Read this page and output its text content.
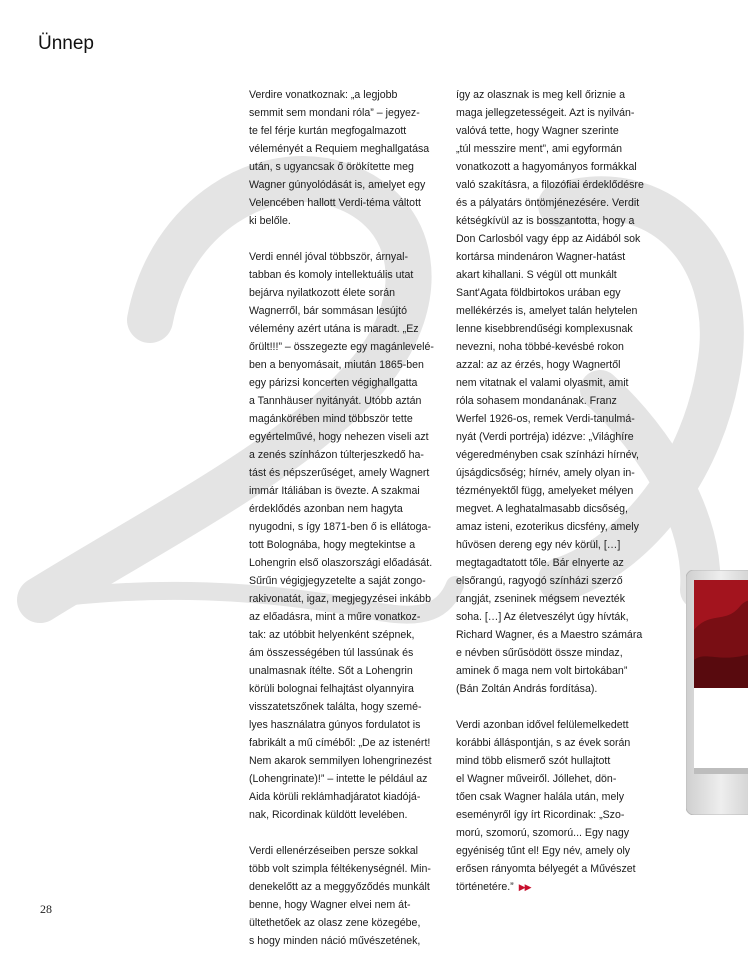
Ünnep

Verdire vonatkoznak: „a legjobb
semmit sem mondani róla” – jegyez-
te fel férje kurtán megfogalmazott
véleményét a Requiem meghallgatása
után, s ugyancsak ő örökítette meg
Wagner gúnyolódását is, amelyet egy
Velencében hallott Verdi-téma váltott
ki belőle.

Verdi ennél jóval többször, árnyal-
tabban és komoly intellektuális utat
bejárva nyilatkozott élete során
Wagnerről, bár sommásan lesújtó
vélemény azért utána is maradt. „Ez
őrült!!!” – összegezte egy magánlevelé-
ben a benyomásait, miután 1865-ben
egy párizsi koncerten végighallgatta
a Tannhäuser nyitányát. Utóbb aztán
magánkörében mind többször tette
egyértelművé, hogy nehezen viseli azt
a zenés színházon túlterjeszkedő ha-
tást és népszerűséget, amely Wagnert
immár Itáliában is övezte. A szakmai
érdeklődés azonban nem hagyta
nyugodni, s így 1871-ben ő is ellátoga-
tott Bolognába, hogy megtekintse a
Lohengrin első olaszországi előadását.
Sűrűn végigjegyzetelte a saját zongo-
rakivonatát, igaz, megjegyzései inkább
az előadásra, mint a műre vonatkoz-
tak: az utóbbit helyenként szépnek,
ám összességében túl lassúnak és
unalmasnak ítélte. Sőt a Lohengrin
körüli bolognai felhajtást olyannyira
visszatetszőnek találta, hogy szemé-
lyes használatra gúnyos fordulatot is
fabrikált a mű címéből: „De az istenért!
Nem akarok semmilyen lohengrinezést
(Lohengrinate)!” – intette le például az
Aida körüli reklámhadjáratot kiadójá-
nak, Ricordinak küldött levelében.

Verdi ellenérzéseiben persze sokkal
több volt szimpla féltékenységnél. Min-
denekelőtt az a meggyőződés munkált
benne, hogy Wagner elvei nem át-
ültethetőek az olasz zene közegébe,
s hogy minden náció művészetének,

így az olasznak is meg kell őriznie a
maga jellegzetességeit. Azt is nyilván-
valóvá tette, hogy Wagner szerinte
„túl messzire ment”, ami egyformán
vonatkozott a hagyományos formákkal
való szakításra, a filozófiai érdeklődésre
és a pályatárs öntömjénezésére. Verdit
kétségkívül az is bosszantotta, hogy a
Don Carlosból vagy épp az Aidából sok
kortársa mindenáron Wagner-hatást
akart kihallani. S végül ott munkált
Sant'Agata földbirtokos urában egy
mellékérzés is, amelyet talán helytelen
lenne kisebbrendűségi komplexusnak
nevezni, noha többé-kevésbé rokon
azzal: az az érzés, hogy Wagnertől
nem vitatnak el valami olyasmit, amit
róla sohasem mondanának. Franz
Werfel 1926-os, remek Verdi-tanulmá-
nyát (Verdi portréja) idézve: „Világhíre
végeredményben csak színházi hírnév,
újságdicsőség; hírnév, amely olyan in-
tézményektől függ, amelyeket mélyen
megvet. A leghatalmasabb dicsőség,
amaz isteni, ezoterikus dicsfény, amely
hűvösen dereng egy név körül, […]
megtagadtatott tőle. Bár elnyerte az
elsőrangú, ragyogó színházi szerző
rangját, zseninek mégsem nevezték
soha. […] Az életveszélyt úgy hívták,
Richard Wagner, és a Maestro számára
e névben sűrűsödött össze mindaz,
aminek ő maga nem volt birtokában”
(Bán Zoltán András fordítása).

Verdi azonban idővel felülemelkedett
korábbi álláspontján, s az évek során
mind több elismerő szót hullajtott
el Wagner műveiről. Jóllehet, dön-
tően csak Wagner halála után, mely
eseményről így írt Ricordinak: „Szo-
morú, szomorú, szomorú... Egy nagy
egyéniség tűnt el! Egy név, amely oly
erősen rányomta bélyegét a Művészet
történetére.” ▶▶

28
